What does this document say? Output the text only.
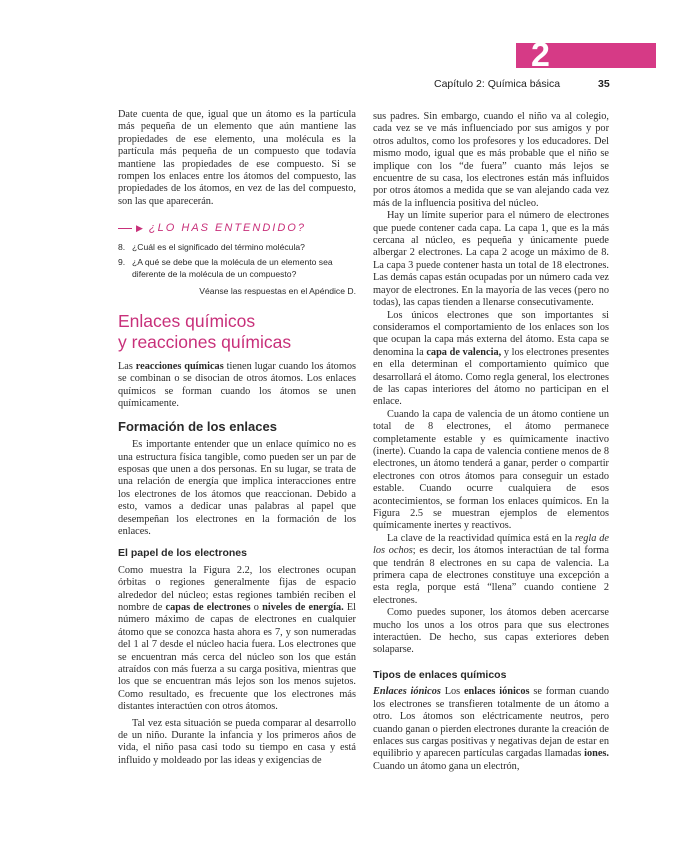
2
Capítulo 2: Química básica	35

Date cuenta de que, igual que un átomo es la partícula más pequeña de un elemento que aún mantiene las propiedades de ese elemento, una molécula es la partícula más pequeña de un compuesto que todavía mantiene las propiedades de ese compuesto. Si se rompen los enlaces entre los átomos del compuesto, las propiedades de los átomos, en vez de las del compuesto, son las que aparecerán.

▶ ¿LO HAS ENTENDIDO?
8. ¿Cuál es el significado del término molécula?
9. ¿A qué se debe que la molécula de un elemento sea
diferente de la molécula de un compuesto?
Véanse las respuestas en el Apéndice D.
Enlaces químicos
y reacciones químicas

Las reacciones químicas tienen lugar cuando los átomos se combinan o se disocian de otros átomos. Los enlaces químicos se forman cuando los átomos se unen químicamente.

Formación de los enlaces

Es importante entender que un enlace químico no es una estructura física tangible, como pueden ser un par de esposas que unen a dos personas. En su lugar, se trata de una relación de energía que implica interacciones entre los electrones de los átomos que reaccionan. Debido a esto, vamos a dedicar unas palabras al papel que desempeñan los electrones en la formación de los enlaces.

El papel de los electrones

Como muestra la Figura 2.2, los electrones ocupan órbitas o regiones generalmente fijas de espacio alrededor del núcleo; estas regiones también reciben el nombre de capas de electrones o niveles de energía. El número máximo de capas de electrones en cualquier átomo que se conozca hasta ahora es 7, y son numeradas del 1 al 7 desde el núcleo hacia fuera. Los electrones que se encuentran más cerca del núcleo son los que están atraídos con más fuerza a su carga positiva, mientras que los que se encuentran más lejos son los menos sujetos. Como resultado, es frecuente que los electrones más distantes interactúen con otros átomos.

Tal vez esta situación se pueda comparar al desarrollo de un niño. Durante la infancia y los primeros años de vida, el niño pasa casi todo su tiempo en casa y está influido y moldeado por las ideas y exigencias de

sus padres. Sin embargo, cuando el niño va al colegio, cada vez se ve más influenciado por sus amigos y por otros adultos, como los profesores y los educadores. Del mismo modo, igual que es más probable que el niño se implique con los “de fuera” cuanto más lejos se encuentre de su casa, los electrones están más influidos por otros átomos a medida que se van alejando cada vez más de la influencia positiva del núcleo.

Hay un límite superior para el número de electrones que puede contener cada capa. La capa 1, que es la más cercana al núcleo, es pequeña y únicamente puede albergar 2 electrones. La capa 2 acoge un máximo de 8. La capa 3 puede contener hasta un total de 18 electrones. Las demás capas están ocupadas por un número cada vez mayor de electrones. En la mayoría de las veces (pero no todas), las capas tienden a llenarse consecutivamente.

Los únicos electrones que son importantes si consideramos el comportamiento de los enlaces son los que ocupan la capa más externa del átomo. Esta capa se denomina la capa de valencia, y los electrones presentes en ella determinan el comportamiento químico que desarrollará el átomo. Como regla general, los electrones de las capas interiores del átomo no participan en el enlace.

Cuando la capa de valencia de un átomo contiene un total de 8 electrones, el átomo permanece completamente estable y es químicamente inactivo (inerte). Cuando la capa de valencia contiene menos de 8 electrones, un átomo tenderá a ganar, perder o compartir electrones con otros átomos para conseguir un estado estable. Cuando ocurre cualquiera de esos acontecimientos, se forman los enlaces químicos. En la Figura 2.5 se muestran ejemplos de elementos químicamente inertes y reactivos.

La clave de la reactividad química está en la regla de los ochos; es decir, los átomos interactúan de tal forma que tendrán 8 electrones en su capa de valencia. La primera capa de electrones constituye una excepción a esta regla, porque está “llena” cuando contiene 2 electrones.

Como puedes suponer, los átomos deben acercarse mucho los unos a los otros para que sus electrones interactúen. De hecho, sus capas exteriores deben solaparse.

Tipos de enlaces químicos

Enlaces iónicos Los enlaces iónicos se forman cuando los electrones se transfieren totalmente de un átomo a otro. Los átomos son eléctricamente neutros, pero cuando ganan o pierden electrones durante la creación de enlaces sus cargas positivas y negativas dejan de estar en equilibrio y aparecen partículas cargadas llamadas iones. Cuando un átomo gana un electrón,
